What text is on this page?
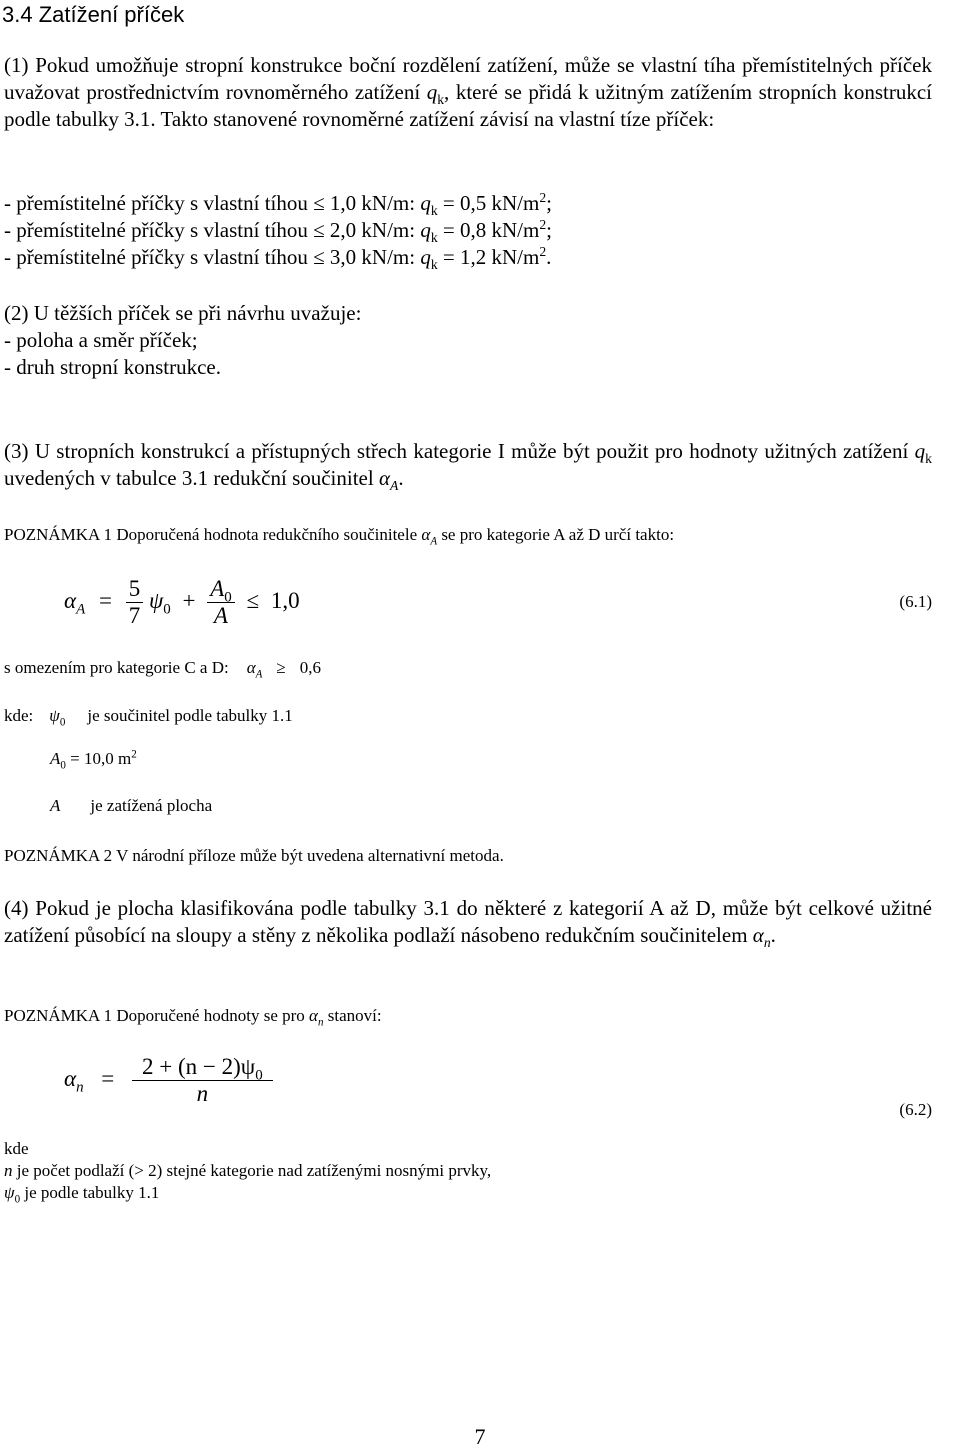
3.4 Zatížení příček

(1) Pokud umožňuje stropní konstrukce boční rozdělení zatížení, může se vlastní tíha přemístitelných příček uvažovat prostřednictvím rovnoměrného zatížení $q_k$, které se přidá k užitným zatížením stropních konstrukcí podle tabulky 3.1. Takto stanovené rovnoměrné zatížení závisí na vlastní tíze příček:

- přemístitelné příčky s vlastní tíhou ≤ 1,0 kN/m: $q_k = 0,5$ $kN/m^2$;
- přemístitelné příčky s vlastní tíhou ≤ 2,0 kN/m: $q_k = 0,8$ $kN/m^2$;
- přemístitelné příčky s vlastní tíhou ≤ 3,0 kN/m: $q_k = 1,2$ $kN/m^2$.
(2) U těžších příček se při návrhu uvažuje:
- poloha a směr příček;
- druh stropní konstrukce.

(3) U stropních konstrukcí a přístupných střech kategorie I může být použit pro hodnoty užitných zatížení $q_k$ uvedených v tabulce 3.1 redukční součinitel $\alpha_A$.

POZNÁMKA 1 Doporučená hodnota redukčního součinitele $\alpha_A$ se pro kategorie A až D určí takto:
$\alpha_A = \frac{5}{7} \psi_0 + \frac{A_0}{A} \le 1,0$	(6.1)
s omezením pro kategorie C a D: $\alpha_A \ge 0,6$
kde: $\psi_0$ je součinitel podle tabulky 1.1
$A_0 = 10,0$ $m^2$
A je zatížená plocha
POZNÁMKA 2 V národní příloze může být uvedena alternativní metoda.

(4) Pokud je plocha klasifikována podle tabulky 3.1 do některé z kategorií A až D, může být celkové užitné zatížení působící na sloupy a stěny z několika podlaží násobeno redukčním součinitelem $\alpha_n$.

POZNÁMKA 1 Doporučené hodnoty se pro $\alpha_n$ stanoví:
$\alpha_n = \frac{2 + (n - 2)\psi_0}{n}$
(6.2)
kde
n je počet podlaží (> 2) stejné kategorie nad zatíženými nosnými prvky,
$\psi_0$ je podle tabulky 1.1
7
